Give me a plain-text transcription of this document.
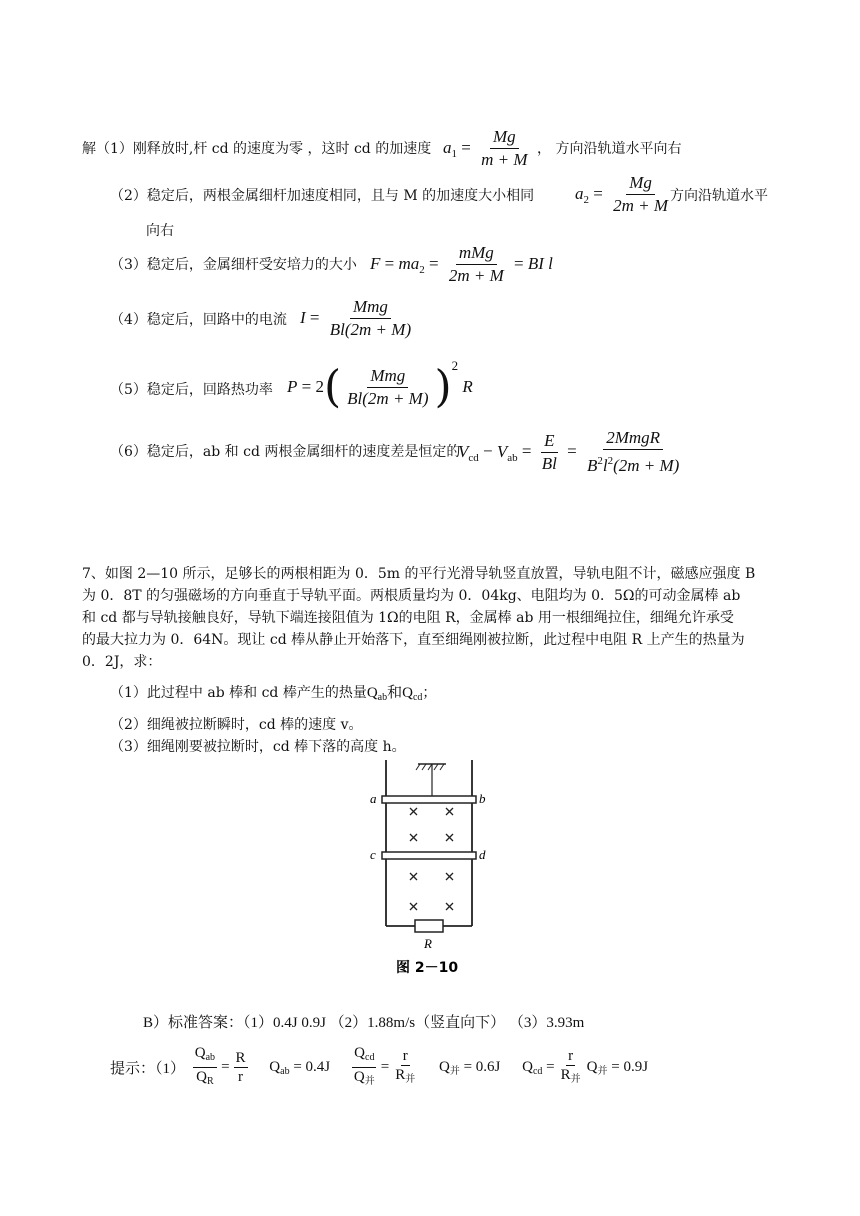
解（1）刚释放时,杆 cd 的速度为零 ，这时 cd 的加速度 $a_1 = \frac{Mg}{m + M}$ ， 方向沿轨道水平向右
（2）稳定后，两根金属细杆加速度相同，且与 M 的加速度大小相同 $a_2 = \frac{Mg}{2m + M}$
方向沿轨道水平
向右
（3）稳定后，金属细杆受安培力的大小 $F = ma_2 = \frac{\text{mMg}}{2m + M}$ = BI l
（4）稳定后，回路中的电流 $I = \frac{\text{Mmg}}{Bl(2m + M)}$
（5）稳定后，回路热功率 $P = 2( \frac{\text{Mmg}}{Bl(2m + M)} )^2$ R
（6）稳定后，ab 和 cd 两根金属细杆的速度差是恒定的
$V_{cd} - V_{ab} = \frac{E}{Bl} = \frac{\text{2MmgR}}{B^2l^2(2m + M)}$
7、如图 2—10 所示，足够长的两根相距为 0．5m 的平行光滑导轨竖直放置，导轨电阻不计，磁感应强度 B
为 0．8T 的匀强磁场的方向垂直于导轨平面。两根质量均为 0．04kg、电阻均为 0．5Ω的可动金属棒 ab
和 cd 都与导轨接触良好，导轨下端连接阻值为 1Ω的电阻 R，金属棒 ab 用一根细绳拉住，细绳允许承受
的最大拉力为 0．64N。现让 cd 棒从静止开始落下，直至细绳刚被拉断，此过程中电阻 R 上产生的热量为
0．2J，求：
（1）此过程中 ab 棒和 cd 棒产生的热量$Q_{ab}$和$Q_{cd}$；
（2）细绳被拉断瞬时，cd 棒的速度 v。
（3）细绳刚要被拉断时，cd 棒下落的高度 h。
a	b
c	d
R
图 2－10
B）标准答案：（1）0.4J 0.9J （2）1.88m/s（竖直向下） （3）3.93m
提示：$(1) \frac{Q_{ab}}{Q_R} = \frac{R}{r} Q_{ab} = 0.4J \frac{Q_{cd}}{Q_并} = \frac{r}{R_并} Q_并 = 0.6J$ $Q_{cd} = \frac{r}{R_并} Q_并 = 0.9J$
